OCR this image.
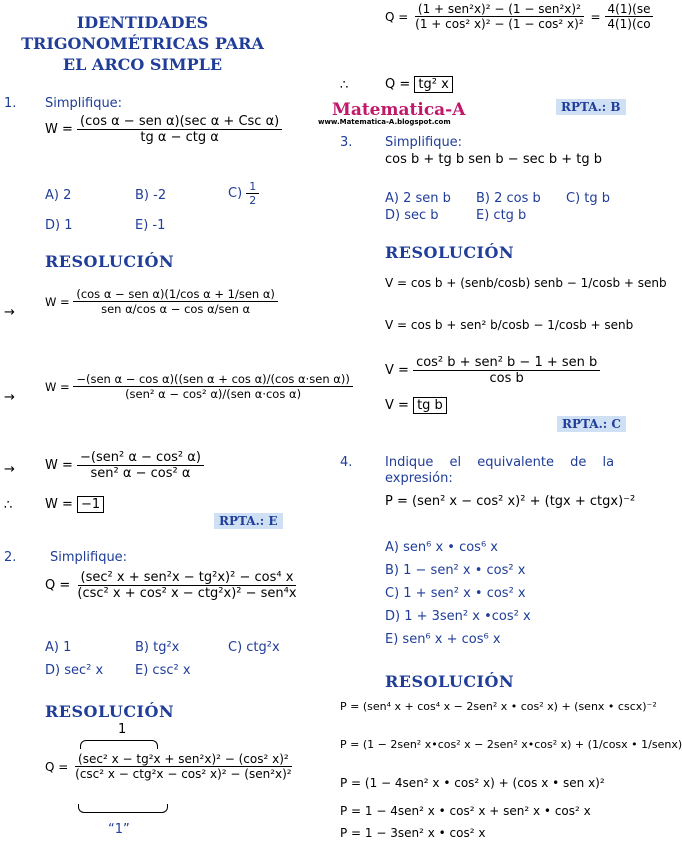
IDENTIDADES
TRIGONOMÉTRICAS PARA
EL ARCO SIMPLE
1. Simplifique:
$W = \frac{\text{(cos α − sen α)(sec α + Csc α)}}{\text{tg α − ctg α}}$
A) 2	B) -2	$C) \frac{1}{2}$
D) 1	E) -1
RESOLUCIÓN
→
$W = \frac{\text{(cos α − sen α)(1/cos α + 1/sen α)}}{\text{sen α/cos α − cos α/sen α}}$
→
$W = \frac{\text{−(sen α − cos α)((sen α + cos α)/(cos α·sen α))}}{\text{(sen² α − cos² α)/(sen α·cos α)}}$
→ $W = \frac{\text{−(sen² α − cos² α)}}{\text{sen² α − cos² α}}$
∴	W = −1
RPTA.: E
2.	Simplifique:
$Q = \frac{\text{(sec² x + sen²x − tg²x)² − cos⁴ x}}{\text{(csc² x + cos² x − ctg²x)² − sen⁴x}}$
A) 1	B) tg²x	C) ctg²x
D) sec² x E) csc² x
RESOLUCIÓN
1
$Q = \frac{\text{(sec² x − tg²x + sen²x)² − (cos² x)²}}{\text{(csc² x − ctg²x − cos² x)² − (sen²x)²}}$
“1”
$Q = \frac{\text{(1 + sen²x)² − (1 − sen²x)²}}{\text{(1 + cos² x)² − (1 − cos² x)²}} = \frac{4(1)(se}{4(1)(co}$
∴	Q = tg² x
Matematica-A
www.Matematica-A.blogspot.com
RPTA.: B
3.	Simplifique:
cos b + tg b sen b − sec b + tg b
A) 2 sen b B) 2 cos b C) tg b
D) sec b	E) ctg b
RESOLUCIÓN
V = cos b + (senb/cosb) senb − 1/cosb + senb
V = cos b + sen² b/cosb − 1/cosb + senb
$V = \frac{\text{cos² b + sen² b − 1 + sen b}}{\text{cos b}}$
V = tg b
RPTA.: C
4.	Indique el equivalente de la
expresión:
P = (sen² x − cos² x)² + (tgx + ctgx)⁻²
A) sen⁶ x • cos⁶ x
B) 1 − sen² x • cos² x
C) 1 + sen² x • cos² x
D) 1 + 3sen² x •cos² x
E) sen⁶ x + cos⁶ x
RESOLUCIÓN
P = (sen⁴ x + cos⁴ x − 2sen² x • cos² x) + (senx • cscx)⁻²
P = (1 − 2sen² x•cos² x − 2sen² x•cos² x) + (1/cosx • 1/senx)
P = (1 − 4sen² x • cos² x) + (cos x • sen x)²
P = 1 − 4sen² x • cos² x + sen² x • cos² x
P = 1 − 3sen² x • cos² x
